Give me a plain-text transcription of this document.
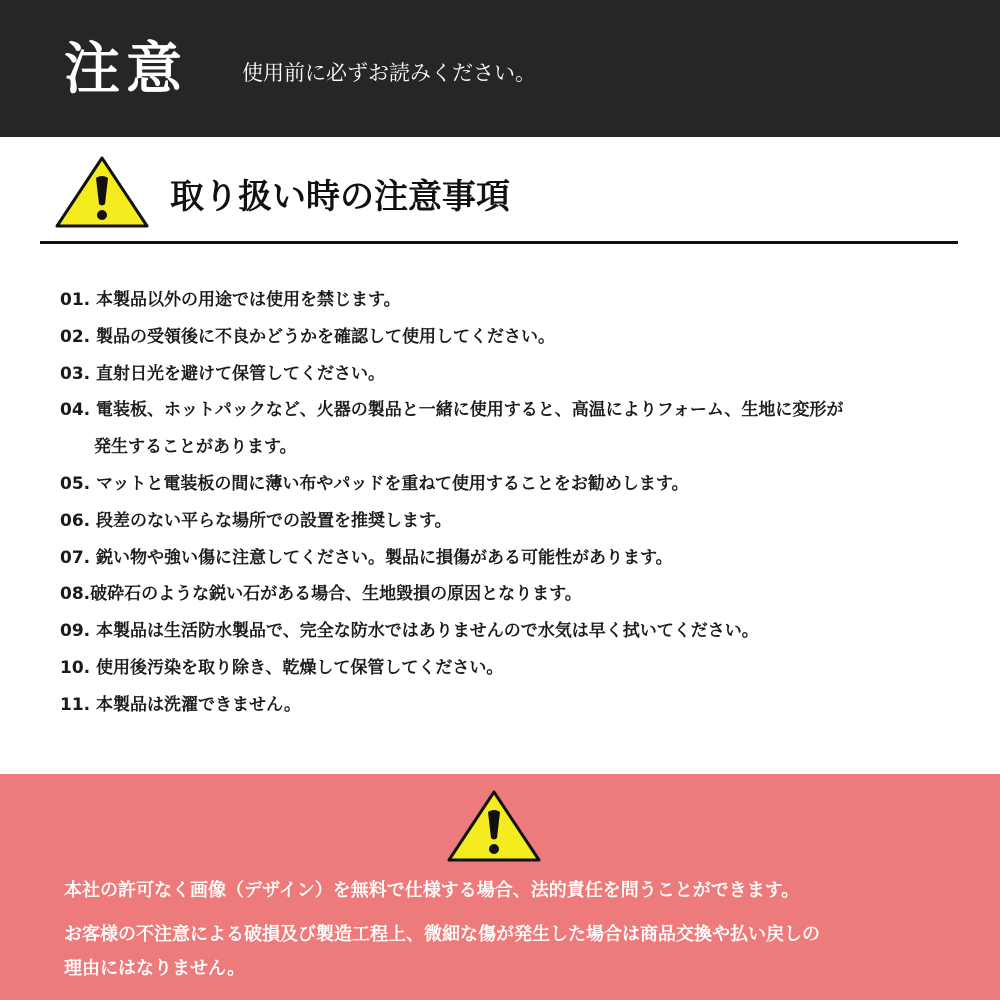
注意	使用前に必ずお読みください。
取り扱い時の注意事項
01. 本製品以外の用途では使用を禁じます。
02. 製品の受領後に不良かどうかを確認して使用してください。
03. 直射日光を避けて保管してください。
04. 電装板、ホットパックなど、火器の製品と一緒に使用すると、高温によりフォーム、生地に変形が
発生することがあります。
05. マットと電装板の間に薄い布やパッドを重ねて使用することをお勧めします。
06. 段差のない平らな場所での設置を推奨します。
07. 鋭い物や強い傷に注意してください。製品に損傷がある可能性があります。
08.破砕石のような鋭い石がある場合、生地毀損の原因となります。
09. 本製品は生活防水製品で、完全な防水ではありませんので水気は早く拭いてください。
10. 使用後汚染を取り除き、乾燥して保管してください。
11. 本製品は洗濯できません。
本社の許可なく画像（デザイン）を無料で仕様する場合、法的責任を問うことができます。
お客様の不注意による破損及び製造工程上、微細な傷が発生した場合は商品交換や払い戻しの
理由にはなりません。
